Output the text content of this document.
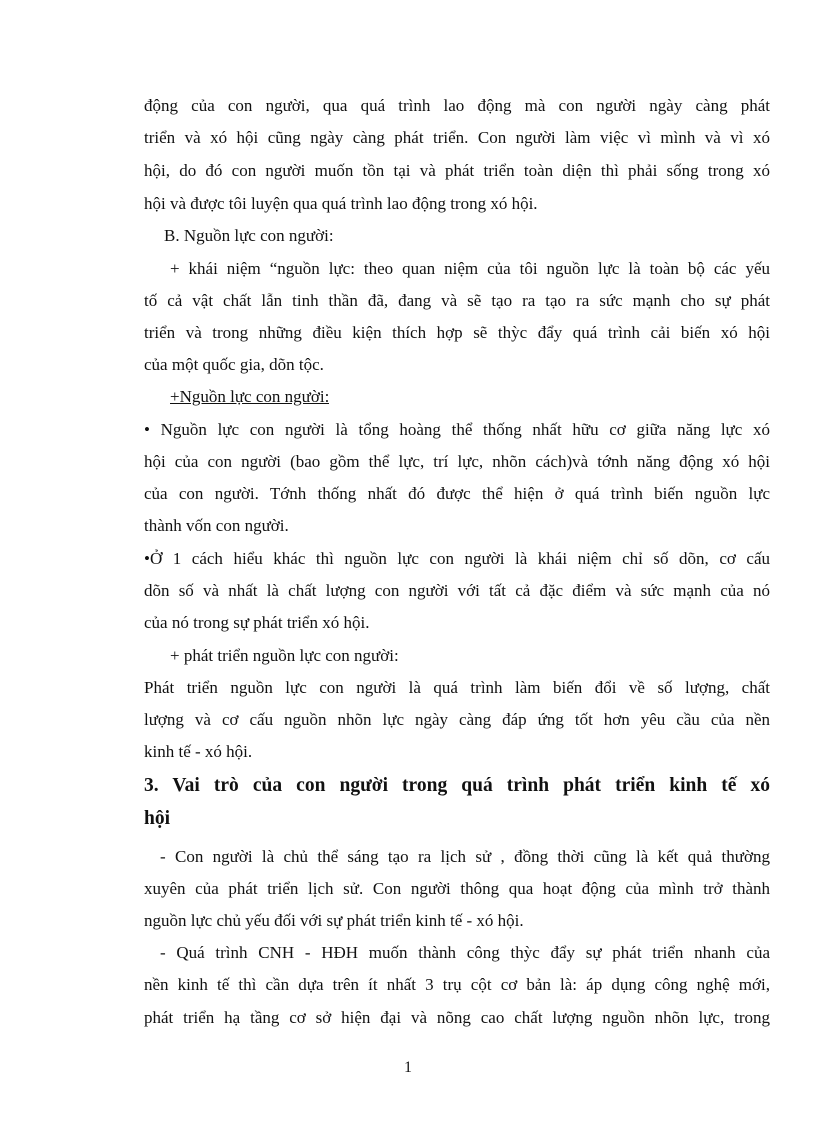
động của con người, qua quá trình lao động mà con người ngày càng phát
triển và xó hội cũng ngày càng phát triển. Con người làm việc vì mình và vì xó
hội, do đó con người muốn tồn tại và phát triển toàn diện thì phải sống trong xó
hội và được tôi luyện qua quá trình lao động trong xó hội.
B. Nguồn lực con người:
+ khái niệm “nguồn lực: theo quan niệm của tôi nguồn lực là toàn bộ các yếu
tố cả vật chất lẫn tinh thần đã, đang và sẽ tạo ra tạo ra sức mạnh cho sự phát
triển và trong những điều kiện thích hợp sẽ thỳc đẩy quá trình cải biến xó hội
của một quốc gia, dõn tộc.
+Nguồn lực con người:
• Nguồn lực con người là tổng hoàng thể thống nhất hữu cơ giữa năng lực xó
hội của con người (bao gồm thể lực, trí lực, nhõn cách)và tớnh năng động xó hội
của con người. Tớnh thống nhất đó được thể hiện ở quá trình biến nguồn lực
thành vốn con người.
•Ở 1 cách hiểu khác thì nguồn lực con người là khái niệm chỉ số dõn, cơ cấu
dõn số và nhất là chất lượng con người với tất cả đặc điểm và sức mạnh của nó
của nó trong sự phát triển xó hội.
+ phát triển nguồn lực con người:
Phát triển nguồn lực con người là quá trình làm biến đổi về số lượng, chất
lượng và cơ cấu nguồn nhõn lực ngày càng đáp ứng tốt hơn yêu cầu của nền
kinh tế - xó hội.
3. Vai trò của con người trong quá trình phát triển kinh tế xó
hội
- Con người là chủ thể sáng tạo ra lịch sử , đồng thời cũng là kết quả thường
xuyên của phát triển lịch sử. Con người thông qua hoạt động của mình trở thành
nguồn lực chủ yếu đối với sự phát triển kinh tế - xó hội.
- Quá trình CNH - HĐH muốn thành công thỳc đẩy sự phát triển nhanh của
nền kinh tế thì cần dựa trên ít nhất 3 trụ cột cơ bản là: áp dụng công nghệ mới,
phát triển hạ tầng cơ sở hiện đại và nõng cao chất lượng nguồn nhõn lực, trong
1
